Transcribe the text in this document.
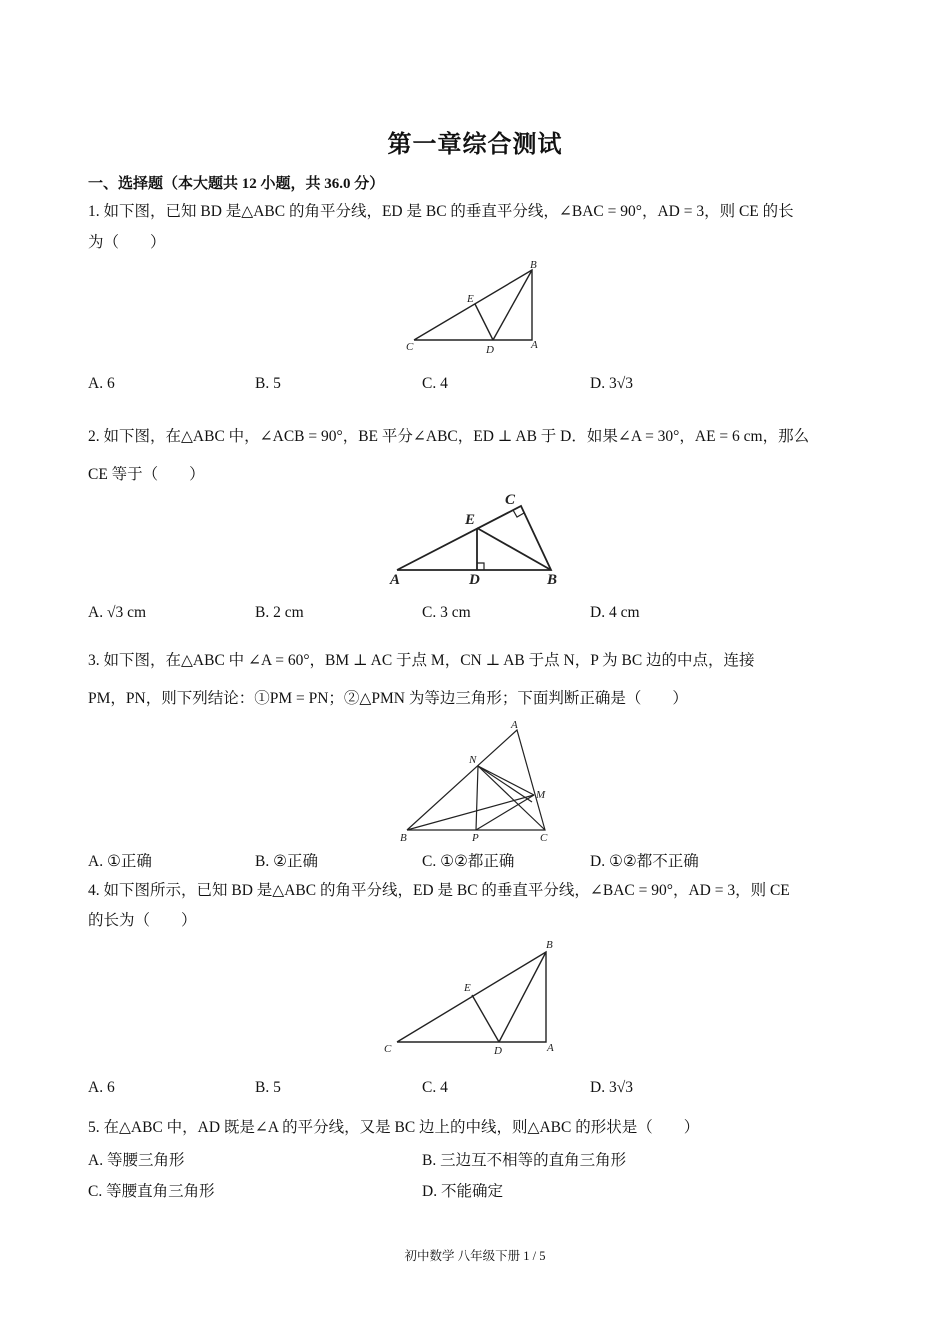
第一章综合测试
一、选择题（本大题共 12 小题，共 36.0 分）
1. 如下图，已知 BD 是△ABC 的角平分线，ED 是 BC 的垂直平分线，∠BAC = 90°，AD = 3，则 CE 的长
为（　　）
B
E
C	D	A
A. 6	B. 5	C. 4	D. 3√3
2. 如下图，在△ABC 中，∠ACB = 90°，BE 平分∠ABC，ED ⊥ AB 于 D．如果∠A = 30°，AE = 6 cm，那么
CE 等于（　　）
C
E
A	D	B
A. √3 cm	B. 2 cm	C. 3 cm	D. 4 cm
3. 如下图，在△ABC 中 ∠A = 60°，BM ⊥ AC 于点 M，CN ⊥ AB 于点 N，P 为 BC 边的中点，连接
PM，PN，则下列结论：①PM = PN；②△PMN 为等边三角形；下面判断正确是（　　）
A
N
M
B	P	C
A. ①正确	B. ②正确	C. ①②都正确	D. ①②都不正确
4. 如下图所示，已知 BD 是△ABC 的角平分线，ED 是 BC 的垂直平分线，∠BAC = 90°，AD = 3，则 CE
的长为（　　）
B
E
C	D	A
A. 6	B. 5	C. 4	D. 3√3
5. 在△ABC 中，AD 既是∠A 的平分线，又是 BC 边上的中线，则△ABC 的形状是（　　）
A. 等腰三角形	B. 三边互不相等的直角三角形
C. 等腰直角三角形	D. 不能确定
初中数学 八年级下册 1 / 5
